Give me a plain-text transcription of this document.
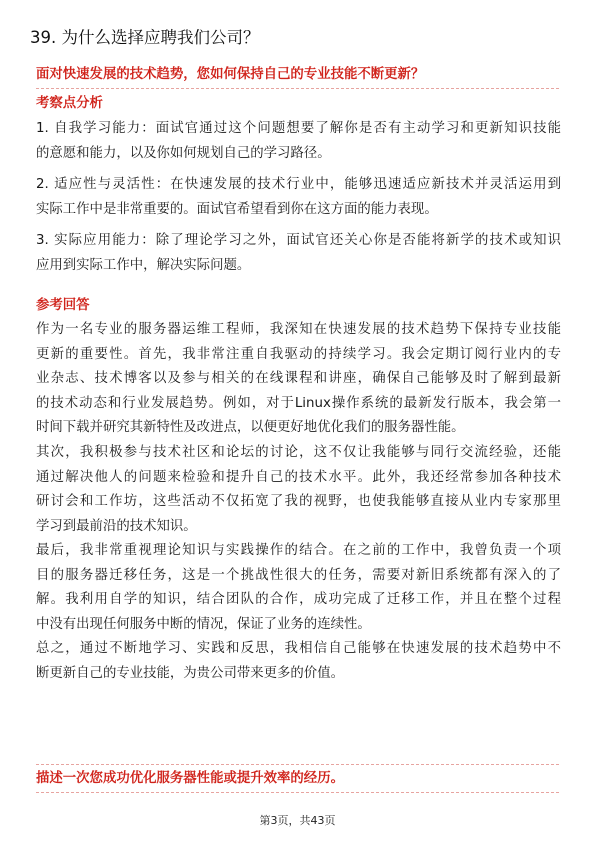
39. 为什么选择应聘我们公司？
面对快速发展的技术趋势，您如何保持自己的专业技能不断更新？
考察点分析
1. 自我学习能力：面试官通过这个问题想要了解你是否有主动学习和更新知识技能
的意愿和能力，以及你如何规划自己的学习路径。
2. 适应性与灵活性：在快速发展的技术行业中，能够迅速适应新技术并灵活运用到
实际工作中是非常重要的。面试官希望看到你在这方面的能力表现。
3. 实际应用能力：除了理论学习之外，面试官还关心你是否能将新学的技术或知识
应用到实际工作中，解决实际问题。
参考回答
作为一名专业的服务器运维工程师，我深知在快速发展的技术趋势下保持专业技能
更新的重要性。首先，我非常注重自我驱动的持续学习。我会定期订阅行业内的专
业杂志、技术博客以及参与相关的在线课程和讲座，确保自己能够及时了解到最新
的技术动态和行业发展趋势。例如，对于Linux操作系统的最新发行版本，我会第一
时间下载并研究其新特性及改进点，以便更好地优化我们的服务器性能。
其次，我积极参与技术社区和论坛的讨论，这不仅让我能够与同行交流经验，还能
通过解决他人的问题来检验和提升自己的技术水平。此外，我还经常参加各种技术
研讨会和工作坊，这些活动不仅拓宽了我的视野，也使我能够直接从业内专家那里
学习到最前沿的技术知识。
最后，我非常重视理论知识与实践操作的结合。在之前的工作中，我曾负责一个项
目的服务器迁移任务，这是一个挑战性很大的任务，需要对新旧系统都有深入的了
解。我利用自学的知识，结合团队的合作，成功完成了迁移工作，并且在整个过程
中没有出现任何服务中断的情况，保证了业务的连续性。
总之，通过不断地学习、实践和反思，我相信自己能够在快速发展的技术趋势中不
断更新自己的专业技能，为贵公司带来更多的价值。
描述一次您成功优化服务器性能或提升效率的经历。
第3页，共43页
